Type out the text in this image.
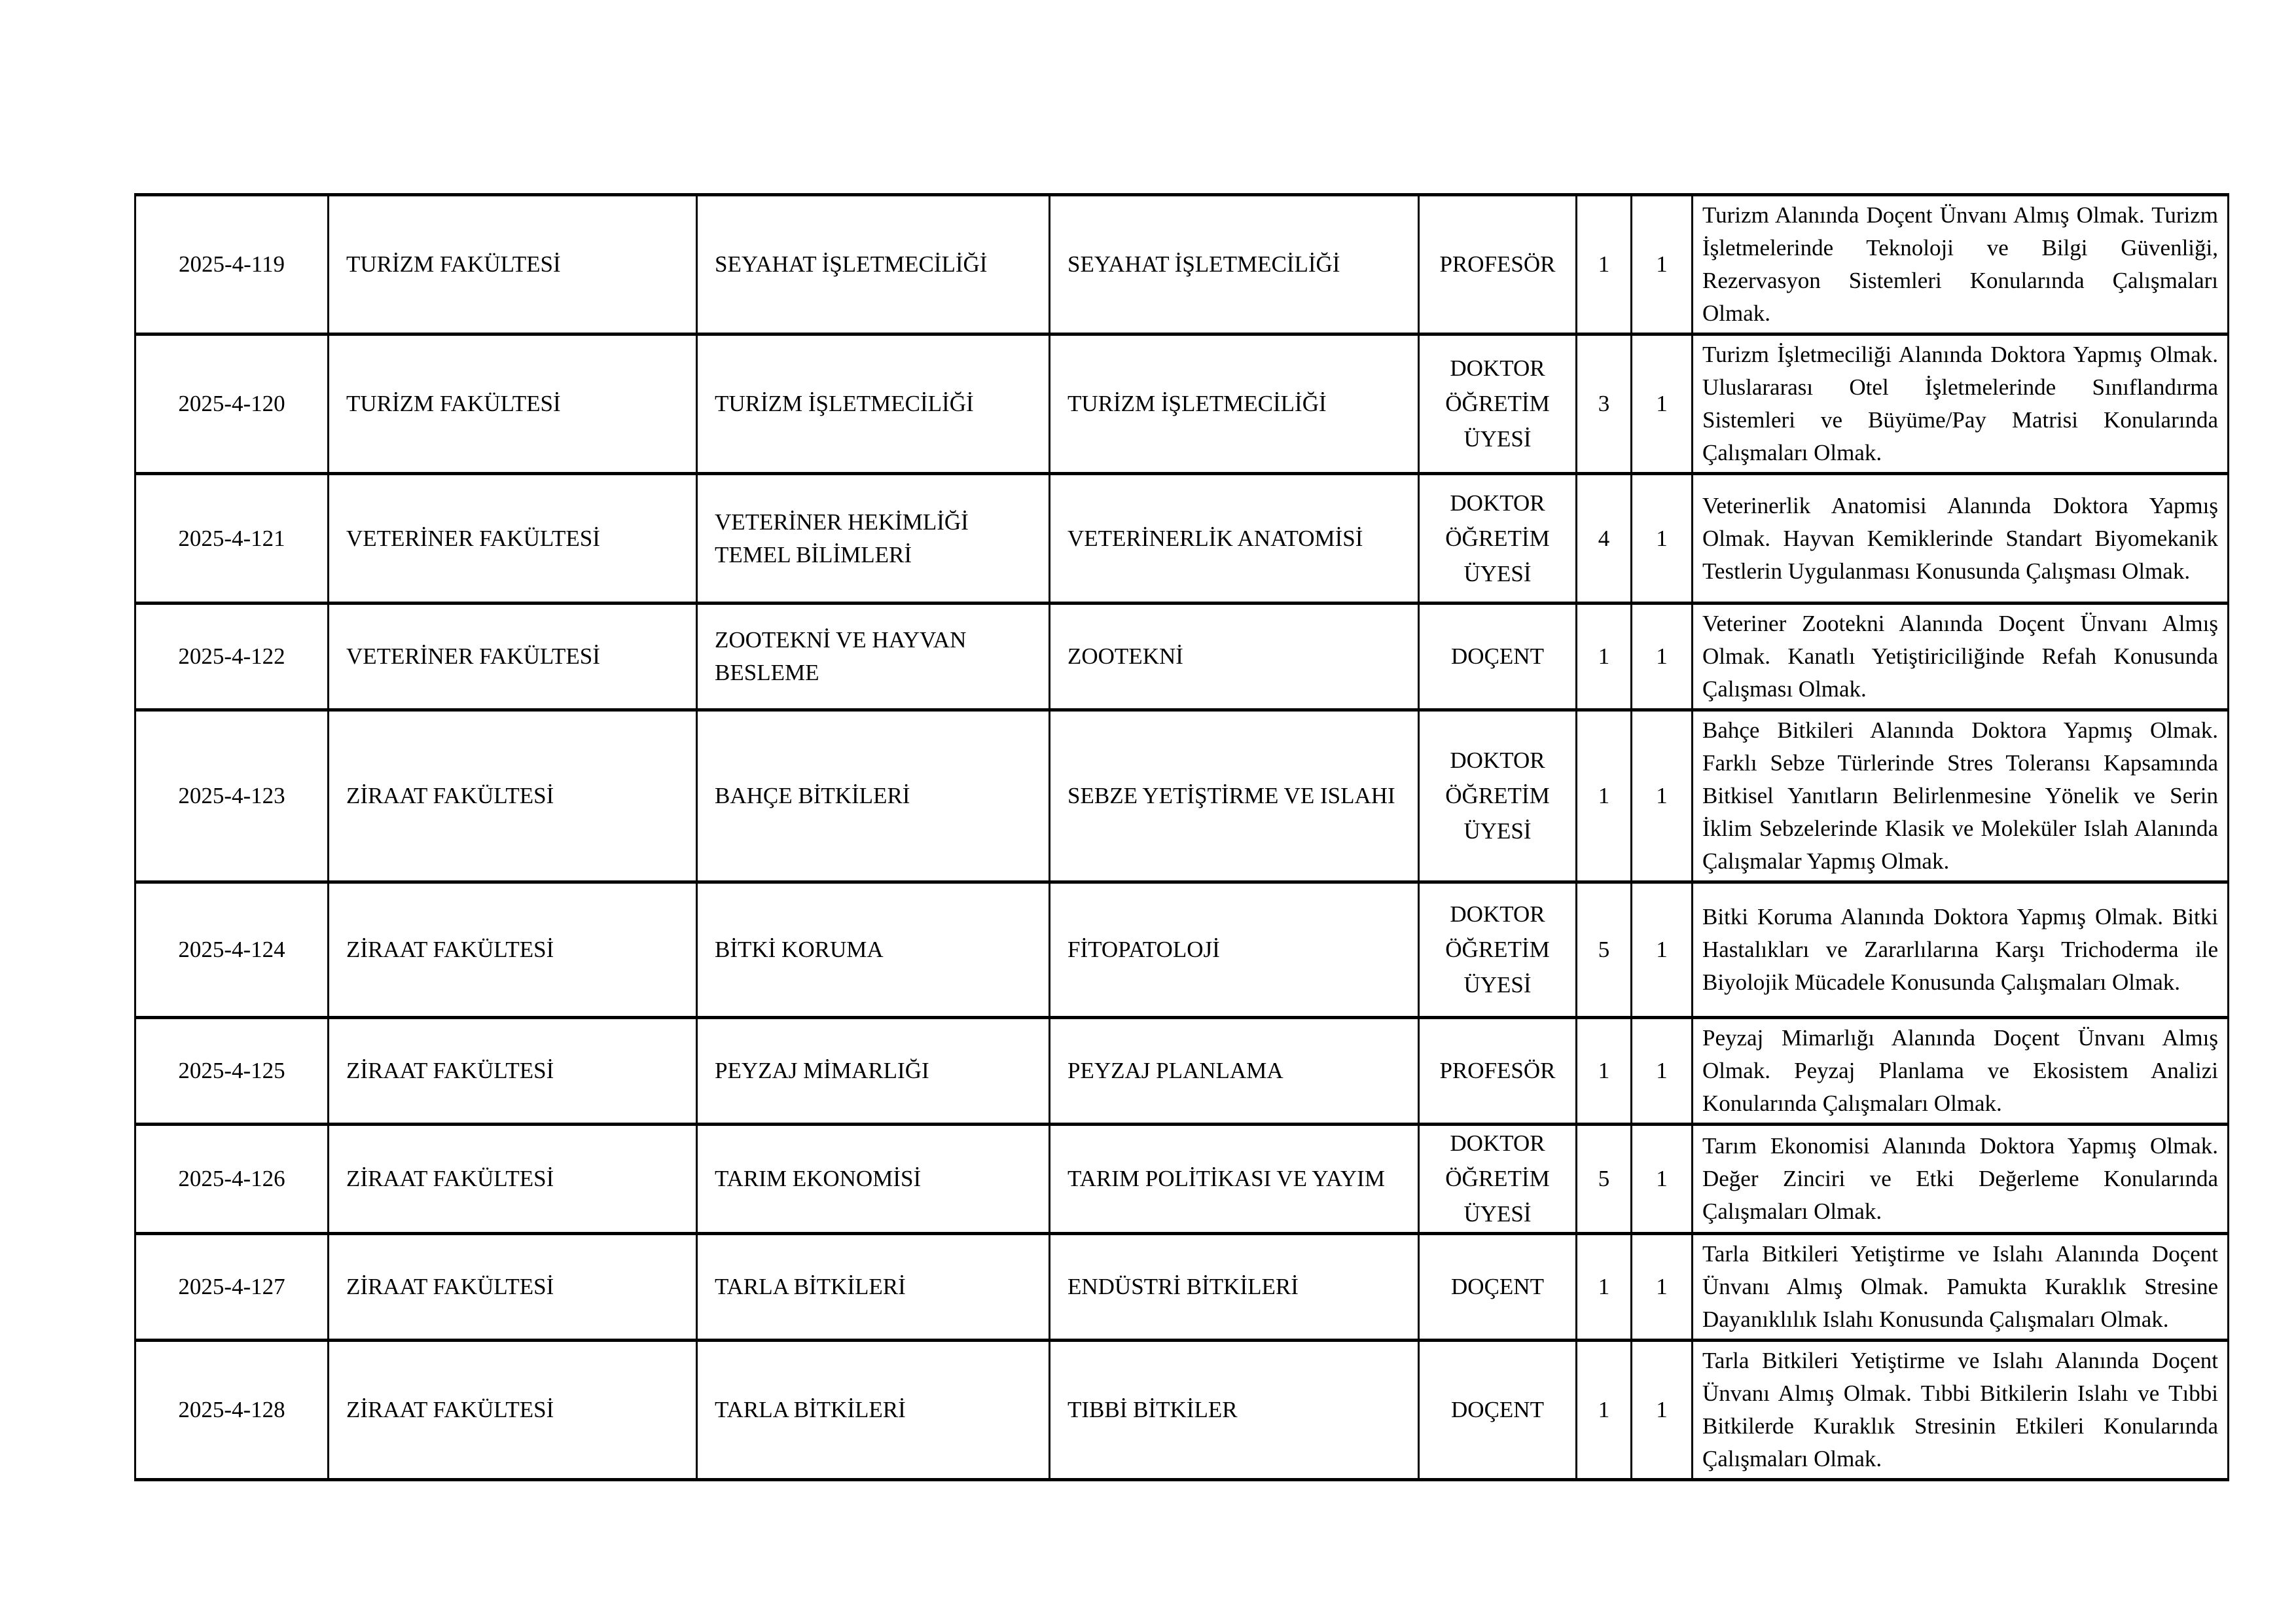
2025-4-119	TURİZM FAKÜLTESİ	SEYAHAT İŞLETMECİLİĞİ	SEYAHAT İŞLETMECİLİĞİ	PROFESÖR	1	1	Turizm Alanında Doçent Ünvanı Almış Olmak. Turizm İşletmelerinde Teknoloji ve Bilgi Güvenliği, Rezervasyon Sistemleri Konularında Çalışmaları Olmak.
2025-4-120	TURİZM FAKÜLTESİ	TURİZM İŞLETMECİLİĞİ	TURİZM İŞLETMECİLİĞİ	DOKTOR ÖĞRETİM ÜYESİ	3	1	Turizm İşletmeciliği Alanında Doktora Yapmış Olmak. Uluslararası Otel İşletmelerinde Sınıflandırma Sistemleri ve Büyüme/Pay Matrisi Konularında Çalışmaları Olmak.
2025-4-121	VETERİNER FAKÜLTESİ	VETERİNER HEKİMLİĞİ TEMEL BİLİMLERİ	VETERİNERLİK ANATOMİSİ	DOKTOR ÖĞRETİM ÜYESİ	4	1	Veterinerlik Anatomisi Alanında Doktora Yapmış Olmak. Hayvan Kemiklerinde Standart Biyomekanik Testlerin Uygulanması Konusunda Çalışması Olmak.
2025-4-122	VETERİNER FAKÜLTESİ	ZOOTEKNİ VE HAYVAN BESLEME	ZOOTEKNİ	DOÇENT	1	1	Veteriner Zootekni Alanında Doçent Ünvanı Almış Olmak. Kanatlı Yetiştiriciliğinde Refah Konusunda Çalışması Olmak.
2025-4-123	ZİRAAT FAKÜLTESİ	BAHÇE BİTKİLERİ	SEBZE YETİŞTİRME VE ISLAHI	DOKTOR ÖĞRETİM ÜYESİ	1	1	Bahçe Bitkileri Alanında Doktora Yapmış Olmak. Farklı Sebze Türlerinde Stres Toleransı Kapsamında Bitkisel Yanıtların Belirlenmesine Yönelik ve Serin İklim Sebzelerinde Klasik ve Moleküler Islah Alanında Çalışmalar Yapmış Olmak.
2025-4-124	ZİRAAT FAKÜLTESİ	BİTKİ KORUMA	FİTOPATOLOJİ	DOKTOR ÖĞRETİM ÜYESİ	5	1	Bitki Koruma Alanında Doktora Yapmış Olmak. Bitki Hastalıkları ve Zararlılarına Karşı Trichoderma ile Biyolojik Mücadele Konusunda Çalışmaları Olmak.
2025-4-125	ZİRAAT FAKÜLTESİ	PEYZAJ MİMARLIĞI	PEYZAJ PLANLAMA	PROFESÖR	1	1	Peyzaj Mimarlığı Alanında Doçent Ünvanı Almış Olmak. Peyzaj Planlama ve Ekosistem Analizi Konularında Çalışmaları Olmak.
2025-4-126	ZİRAAT FAKÜLTESİ	TARIM EKONOMİSİ	TARIM POLİTİKASI VE YAYIM	DOKTOR ÖĞRETİM ÜYESİ	5	1	Tarım Ekonomisi Alanında Doktora Yapmış Olmak. Değer Zinciri ve Etki Değerleme Konularında Çalışmaları Olmak.
2025-4-127	ZİRAAT FAKÜLTESİ	TARLA BİTKİLERİ	ENDÜSTRİ BİTKİLERİ	DOÇENT	1	1	Tarla Bitkileri Yetiştirme ve Islahı Alanında Doçent Ünvanı Almış Olmak. Pamukta Kuraklık Stresine Dayanıklılık Islahı Konusunda Çalışmaları Olmak.
2025-4-128	ZİRAAT FAKÜLTESİ	TARLA BİTKİLERİ	TIBBİ BİTKİLER	DOÇENT	1	1	Tarla Bitkileri Yetiştirme ve Islahı Alanında Doçent Ünvanı Almış Olmak. Tıbbi Bitkilerin Islahı ve Tıbbi Bitkilerde Kuraklık Stresinin Etkileri Konularında Çalışmaları Olmak.
